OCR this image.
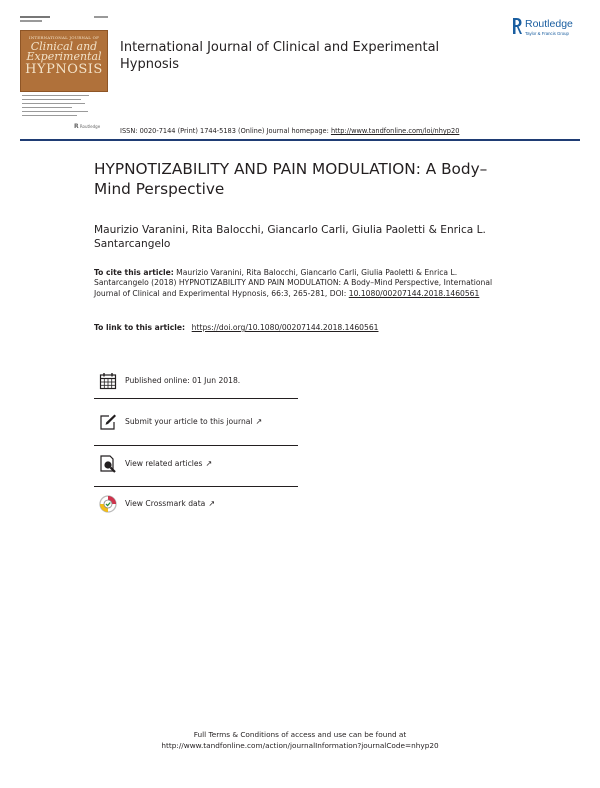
INTERNATIONAL JOURNAL OF
Clinical and
Experimental
HYPNOSIS
R Routledge
Routledge
Taylor & Francis Group
International Journal of Clinical and Experimental Hypnosis
ISSN: 0020-7144 (Print) 1744-5183 (Online) Journal homepage: http://www.tandfonline.com/loi/nhyp20
HYPNOTIZABILITY AND PAIN MODULATION: A Body–Mind Perspective
Maurizio Varanini, Rita Balocchi, Giancarlo Carli, Giulia Paoletti & Enrica L. Santarcangelo
To cite this article: Maurizio Varanini, Rita Balocchi, Giancarlo Carli, Giulia Paoletti & Enrica L. Santarcangelo (2018) HYPNOTIZABILITY AND PAIN MODULATION: A Body–Mind Perspective, International Journal of Clinical and Experimental Hypnosis, 66:3, 265-281, DOI: 10.1080/00207144.2018.1460561
To link to this article: https://doi.org/10.1080/00207144.2018.1460561
Published online: 01 Jun 2018.
Submit your article to this journal ↗
View related articles ↗
View Crossmark data ↗
Full Terms & Conditions of access and use can be found at
http://www.tandfonline.com/action/journalInformation?journalCode=nhyp20
